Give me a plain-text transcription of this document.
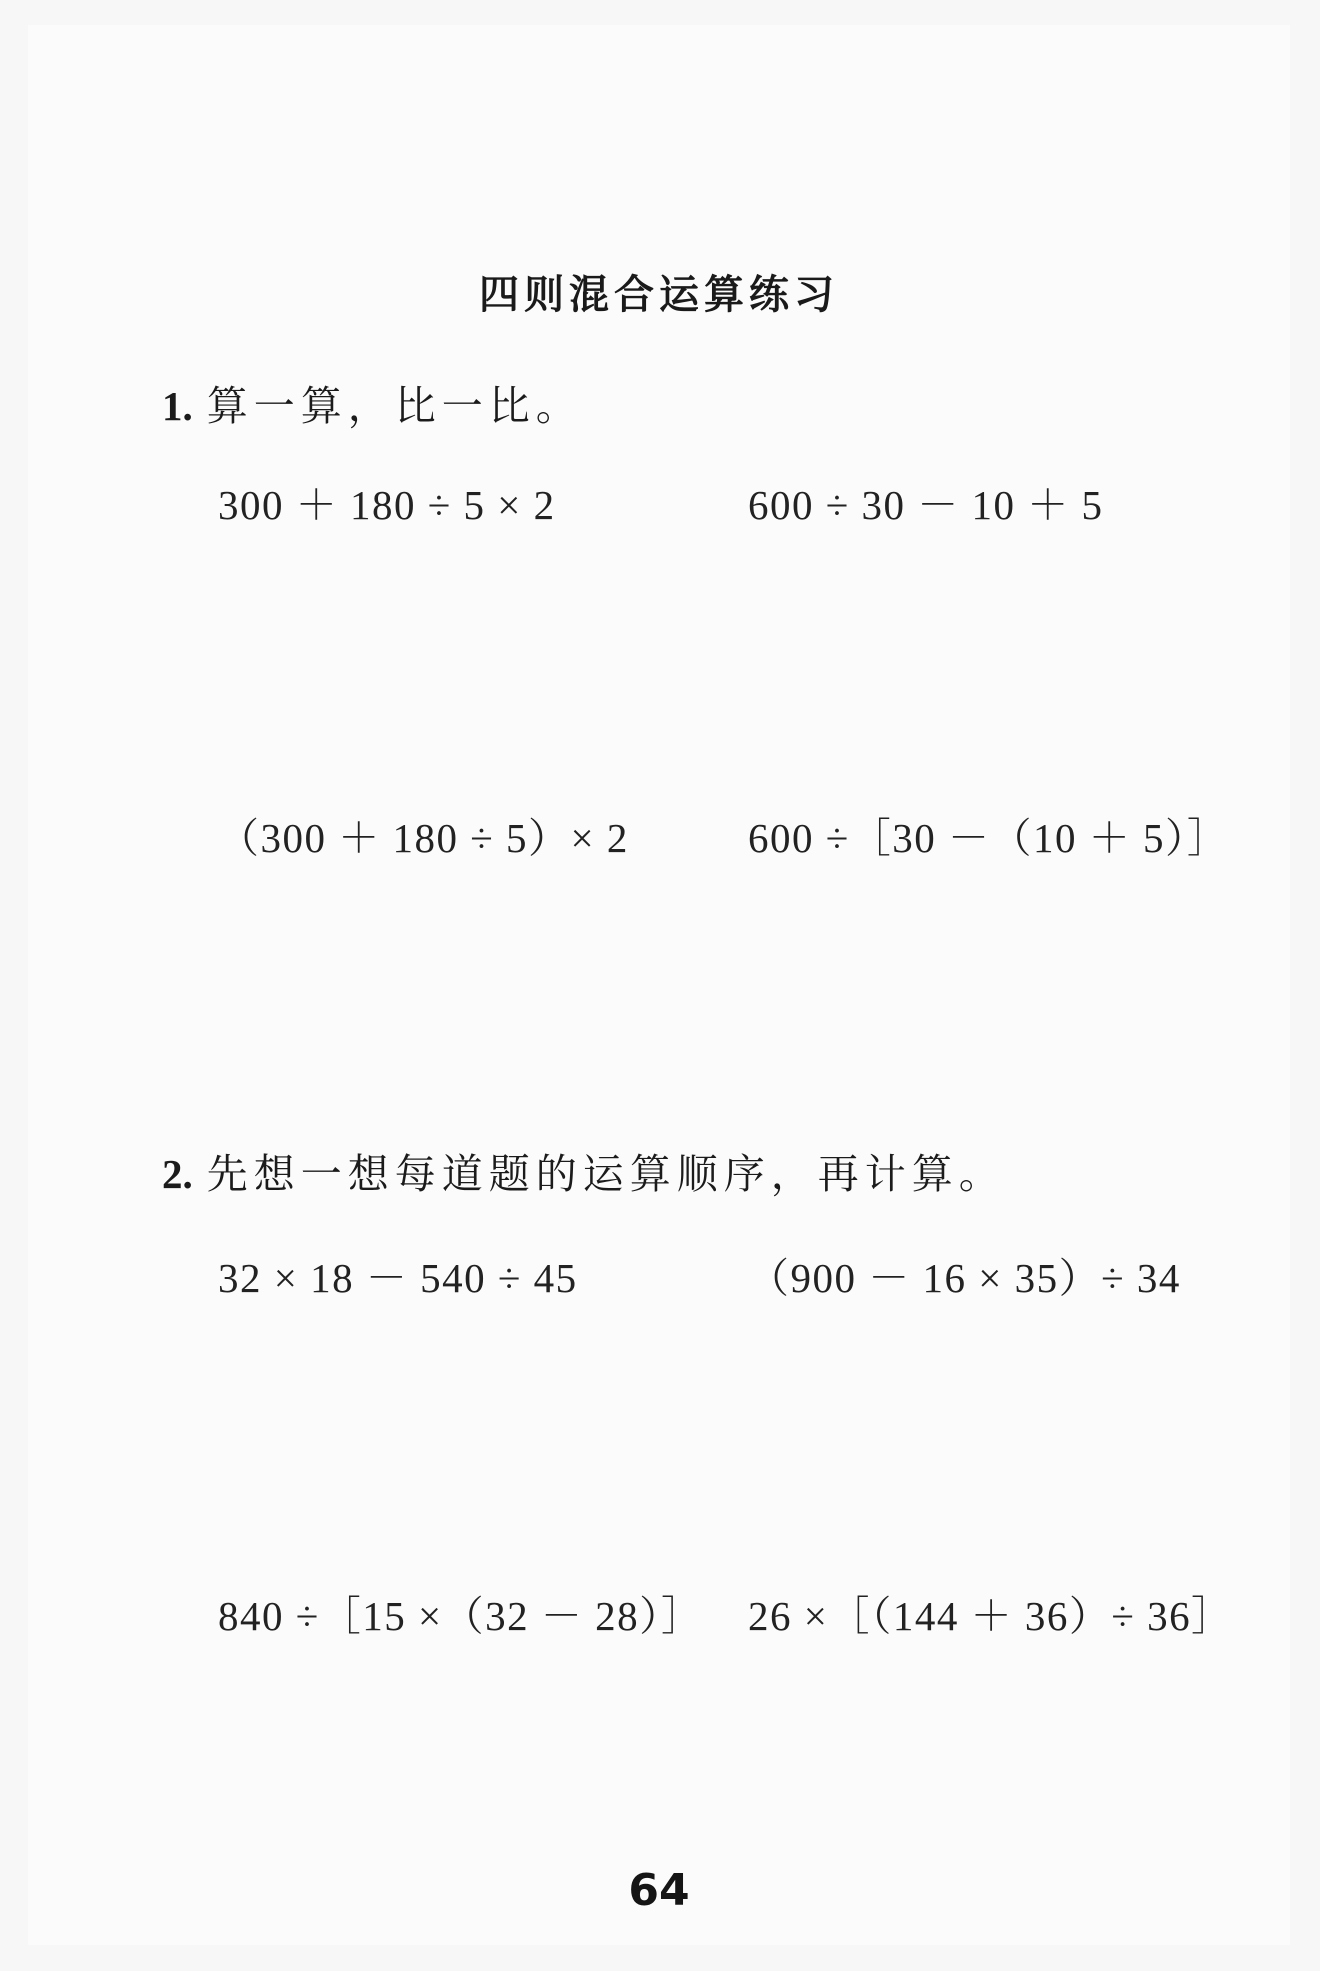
四则混合运算练习
1. 算一算，比一比。
300 ＋ 180 ÷ 5 × 2	600 ÷ 30 － 10 ＋ 5
（300 ＋ 180 ÷ 5）× 2	600 ÷［30 －（10 ＋ 5）］
2. 先想一想每道题的运算顺序，再计算。
32 × 18 － 540 ÷ 45	（900 － 16 × 35）÷ 34
840 ÷［15 ×（32 － 28）］ 26 ×［（144 ＋ 36）÷ 36］
64
